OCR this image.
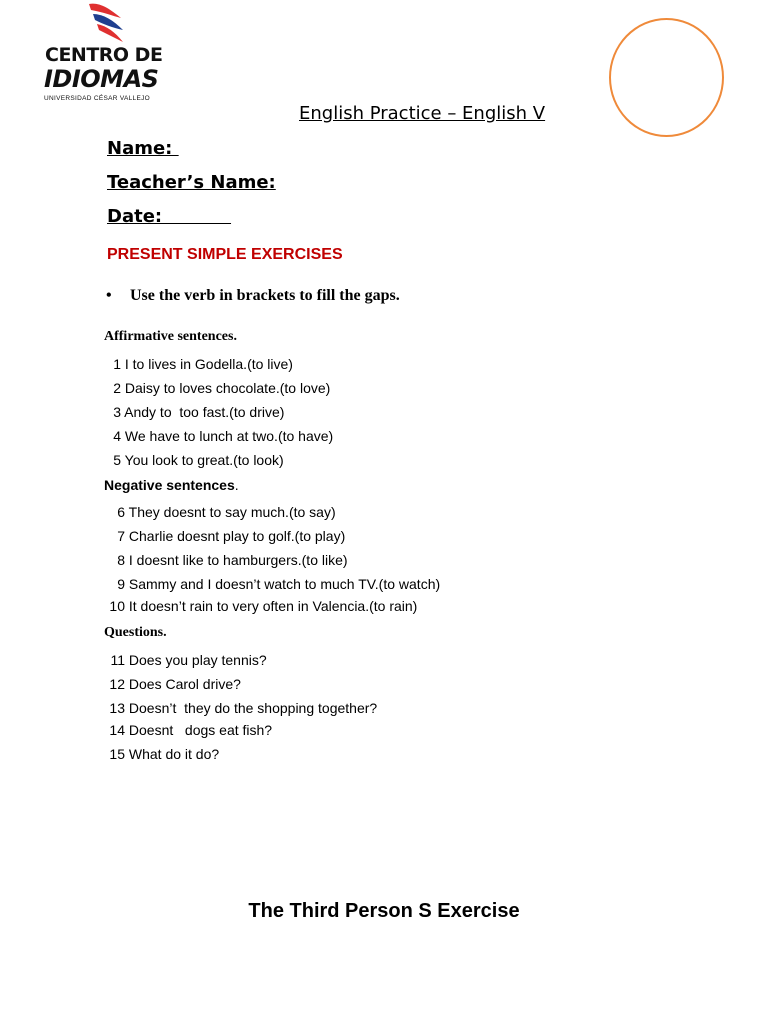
CENTRO DE
IDIOMAS
UNIVERSIDAD CÉSAR VALLEJO
English Practice – English V
Name:
Teacher’s Name:
Date:
PRESENT SIMPLE EXERCISES
• Use the verb in brackets to fill the gaps.
Affirmative sentences.
1 I to lives in Godella.(to live)
2 Daisy to loves chocolate.(to love)
3 Andy to  too fast.(to drive)
4 We have to lunch at two.(to have)
5 You look to great.(to look)
Negative sentences.
6 They doesnt to say much.(to say)
7 Charlie doesnt play to golf.(to play)
8 I doesnt like to hamburgers.(to like)
9 Sammy and I doesn’t watch to much TV.(to watch)
10 It doesn’t rain to very often in Valencia.(to rain)
Questions.
11 Does you play tennis?
12 Does Carol drive?
13 Doesn’t  they do the shopping together?
14 Doesnt   dogs eat fish?
15 What do it do?
The Third Person S Exercise
